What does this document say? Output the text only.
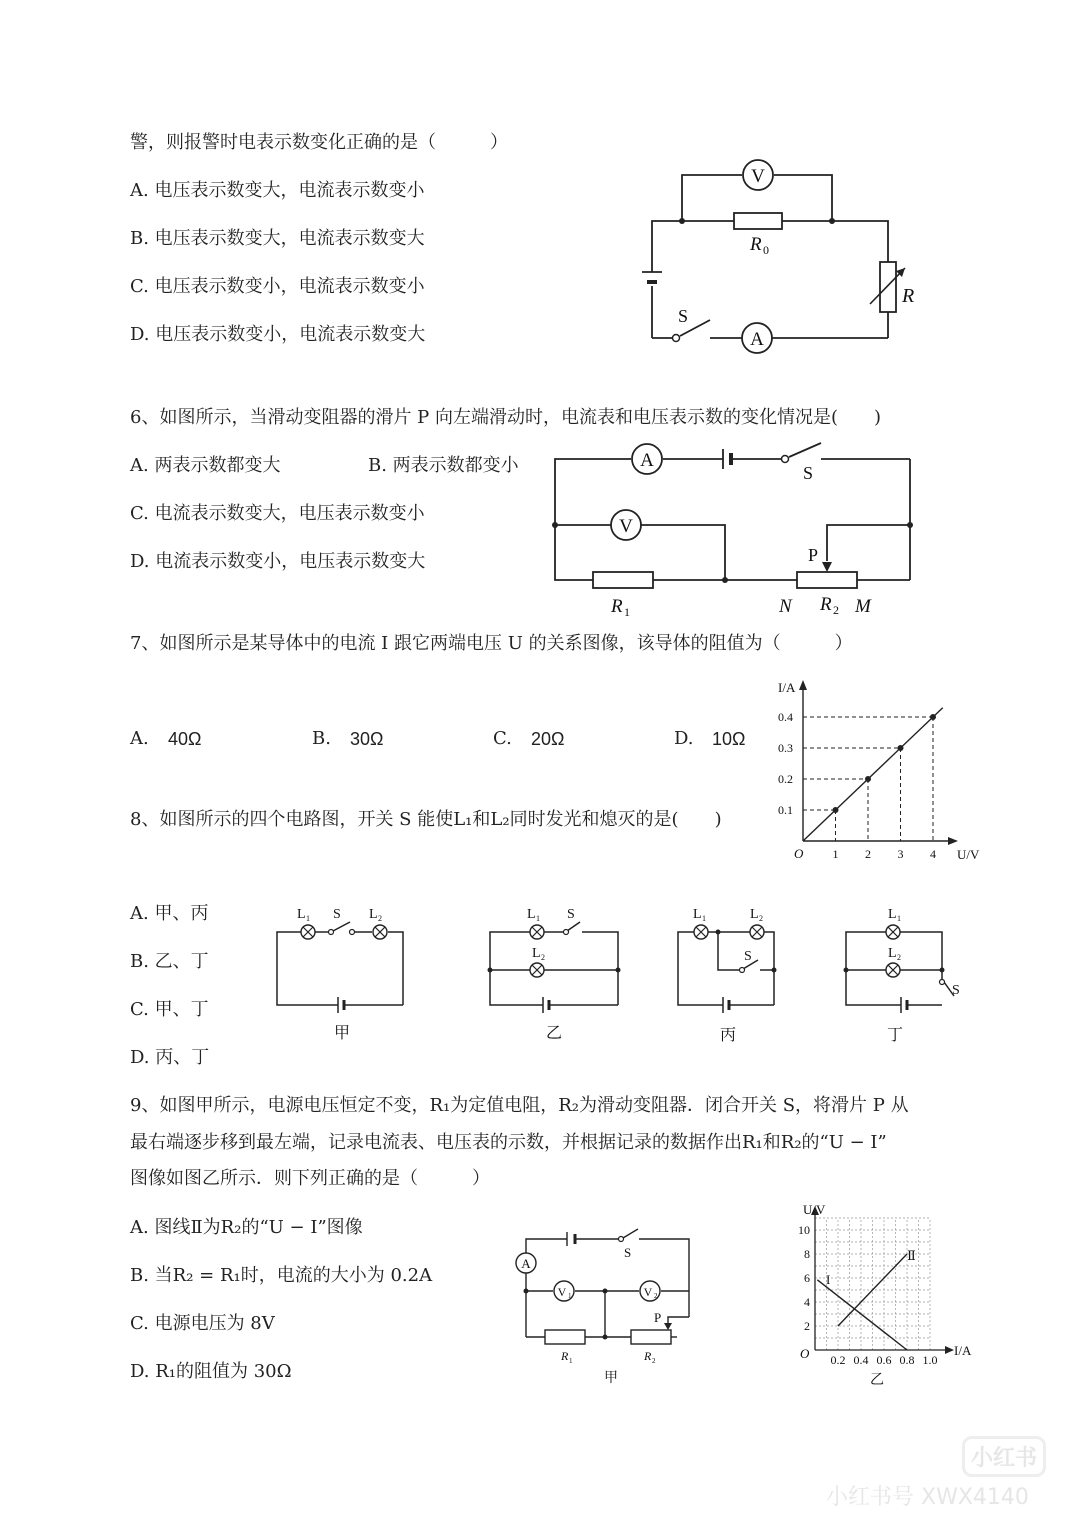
警，则报警时电表示数变化正确的是（　　　）
A. 电压表示数变大，电流表示数变小
B. 电压表示数变大，电流表示数变大
C. 电压表示数变小，电流表示数变小
D. 电压表示数变小，电流表示数变大
V
R 0
R
A
S
6、如图所示，当滑动变阻器的滑片 P 向左端滑动时，电流表和电压表示数的变化情况是(　　)
A. 两表示数都变大	B. 两表示数都变小
C. 电流表示数变大，电压表示数变小
D. 电流表示数变小，电压表示数变大
A
S
V
R 1
P
R 2
N	M
7、如图所示是某导体中的电流 I 跟它两端电压 U 的关系图像，该导体的阻值为（　　　）
A. 40Ω	B. 30Ω	C. 20Ω	D. 10Ω
I/A
U/V
O
0.1
1
0.2
2
0.3
3
0.4
4
8、如图所示的四个电路图，开关 S 能使L₁和L₂同时发光和熄灭的是(　　)
A. 甲、丙
B. 乙、丁
C. 甲、丁
D. 丙、丁
L 1	L 2
S
甲
L 1
L 2
S
乙
L 1	L 2
S
丙
L 1
L 2
S
丁
9、如图甲所示，电源电压恒定不变，R₁为定值电阻，R₂为滑动变阻器．闭合开关 S，将滑片 P 从
最右端逐步移到最左端，记录电流表、电压表的示数，并根据记录的数据作出R₁和R₂的“U − I”
图像如图乙所示．则下列正确的是（　　　）
A. 图线Ⅱ为R₂的“U − I”图像
B. 当R₂ = R₁时，电流的大小为 0.2A
C. 电源电压为 8V
D. R₁的阻值为 30Ω
A
S
V 1	V 2
R 1
P
R 2
甲
U/V
I/A
O
2
4
6
8
10
0.2 0.4 0.6 0.8 1.0
I
Ⅱ
乙
小红书
小红书号 XWX4140
